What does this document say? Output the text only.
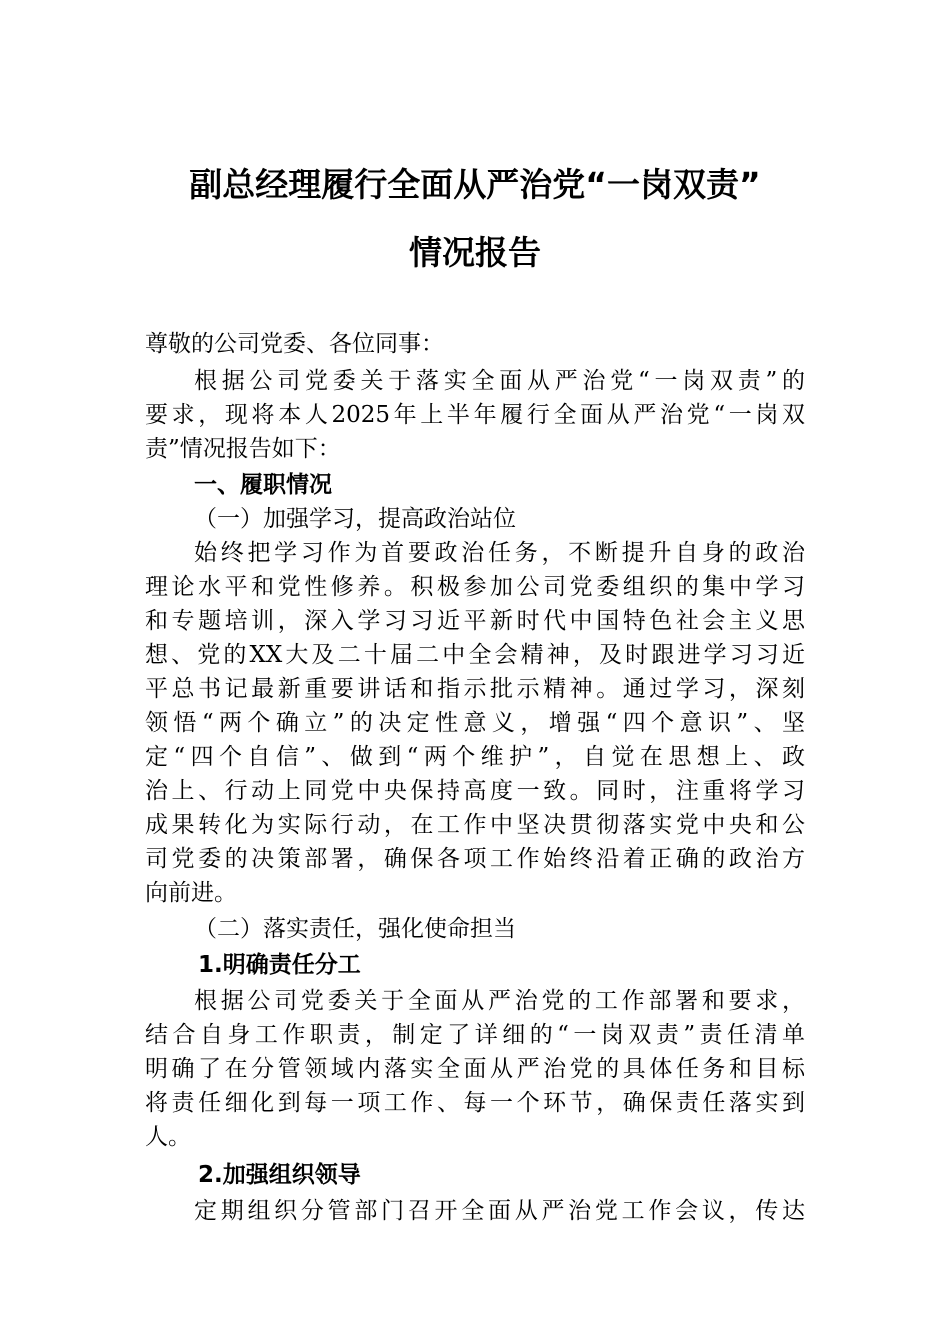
副总经理履行全面从严治党“一岗双责”
情况报告
尊敬的公司党委、各位同事：
根据公司党委关于落实全面从严治党“一岗双责”的
要求，现将本人2025年上半年履行全面从严治党“一岗双
责”情况报告如下：
一、履职情况
（一）加强学习，提高政治站位
始终把学习作为首要政治任务，不断提升自身的政治
理论水平和党性修养。积极参加公司党委组织的集中学习
和专题培训，深入学习习近平新时代中国特色社会主义思
想、党的XX大及二十届二中全会精神，及时跟进学习习近
平总书记最新重要讲话和指示批示精神。通过学习，深刻
领悟“两个确立”的决定性意义，增强“四个意识”、坚
定“四个自信”、做到“两个维护”，自觉在思想上、政
治上、行动上同党中央保持高度一致。同时，注重将学习
成果转化为实际行动，在工作中坚决贯彻落实党中央和公
司党委的决策部署，确保各项工作始终沿着正确的政治方
向前进。
（二）落实责任，强化使命担当
1.明确责任分工
根据公司党委关于全面从严治党的工作部署和要求，
结合自身工作职责，制定了详细的“一岗双责”责任清单
明确了在分管领域内落实全面从严治党的具体任务和目标
将责任细化到每一项工作、每一个环节，确保责任落实到
人。
2.加强组织领导
定期组织分管部门召开全面从严治党工作会议，传达
